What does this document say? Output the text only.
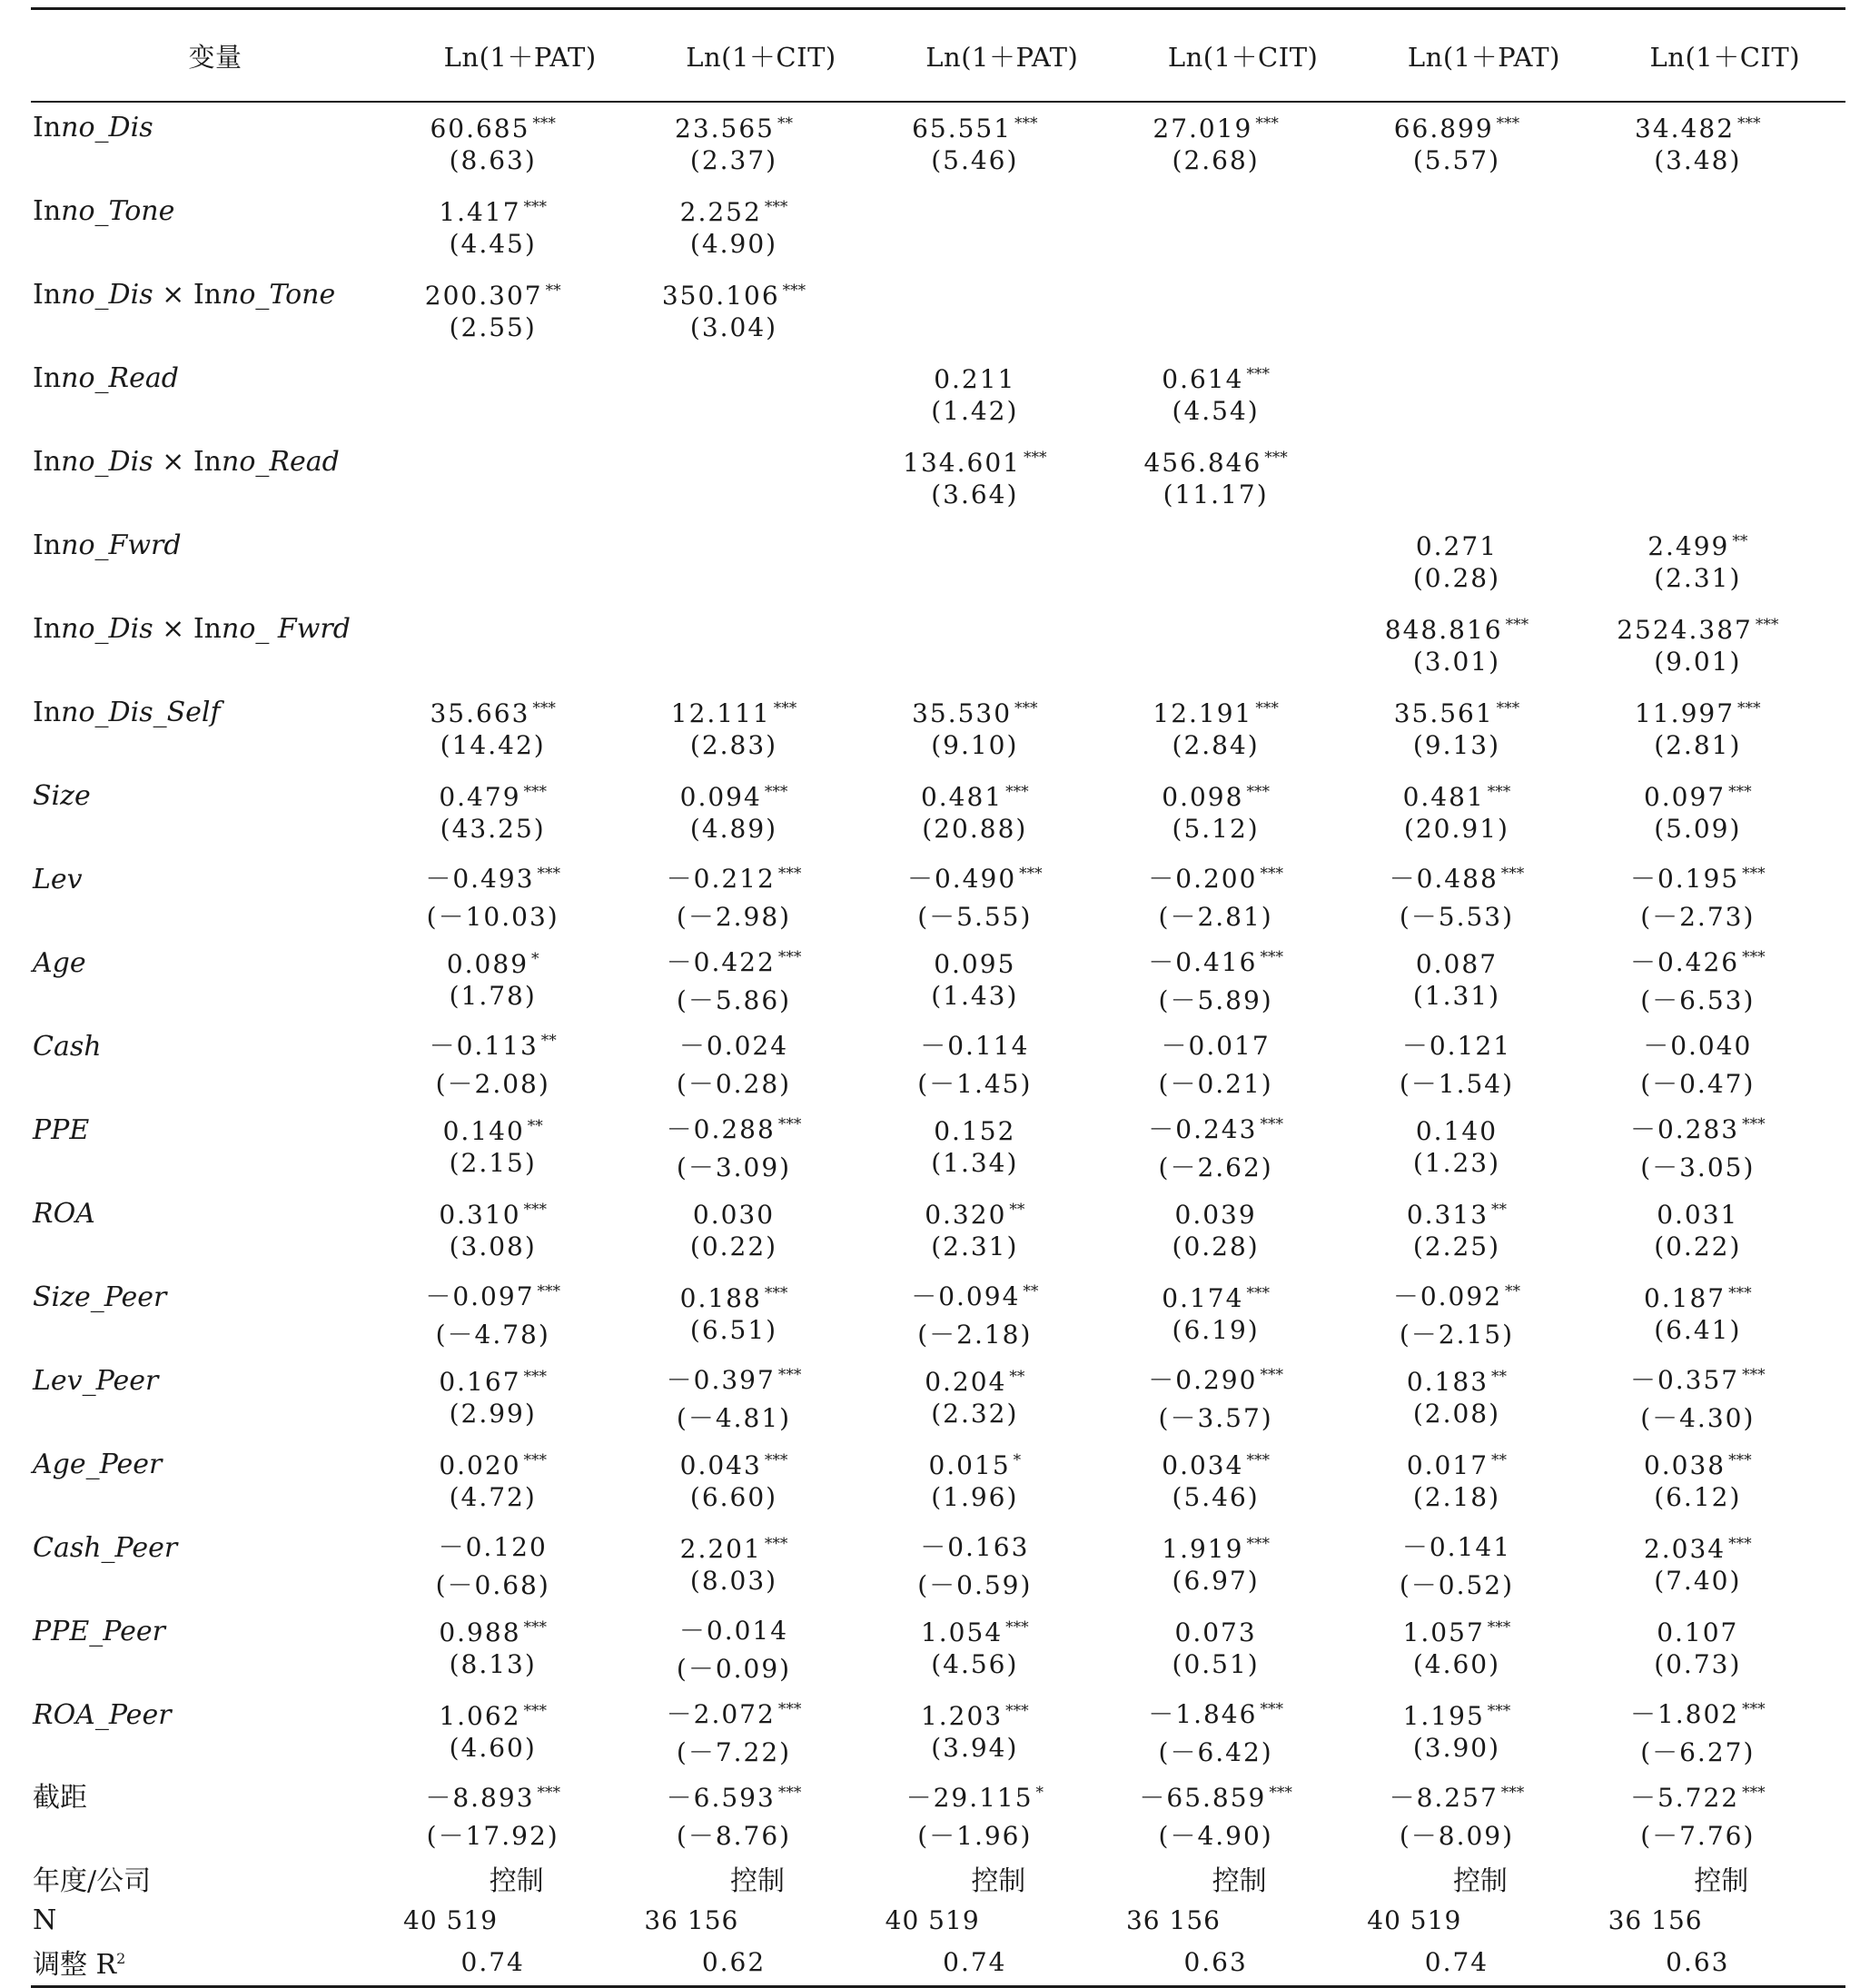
变量	Ln(1＋PAT)	Ln(1＋CIT)	Ln(1＋PAT)	Ln(1＋CIT)	Ln(1＋PAT)	Ln(1＋CIT)
Inno_Dis	60.685 ***	23.565 **	65.551 ***	27.019 ***	66.899 ***	34.482 ***
	(8.63)	(2.37)	(5.46)	(2.68)	(5.57)	(3.48)
Inno_Tone	1.417 ***	2.252 ***				
	(4.45)	(4.90)				
Inno_Dis × Inno_Tone	200.307 **	350.106 ***				
	(2.55)	(3.04)				
Inno_Read			0.211	0.614 ***		
			(1.42)	(4.54)		
Inno_Dis × Inno_Read			134.601 ***	456.846 ***		
			(3.64)	(11.17)		
Inno_Fwrd					0.271	2.499 **
					(0.28)	(2.31)
Inno_Dis × Inno_ Fwrd					848.816 ***	2524.387 ***
					(3.01)	(9.01)
Inno_Dis_Self	35.663 ***	12.111 ***	35.530 ***	12.191 ***	35.561 ***	11.997 ***
	(14.42)	(2.83)	(9.10)	(2.84)	(9.13)	(2.81)
Size	0.479 ***	0.094 ***	0.481 ***	0.098 ***	0.481 ***	0.097 ***
	(43.25)	(4.89)	(20.88)	(5.12)	(20.91)	(5.09)
Lev	－0.493 ***	－0.212 ***	－0.490 ***	－0.200 ***	－0.488 ***	－0.195 ***
	(－10.03)	(－2.98)	(－5.55)	(－2.81)	(－5.53)	(－2.73)
Age	0.089 *	－0.422 ***	0.095	－0.416 ***	0.087	－0.426 ***
	(1.78)	(－5.86)	(1.43)	(－5.89)	(1.31)	(－6.53)
Cash	－0.113 **	－0.024	－0.114	－0.017	－0.121	－0.040
	(－2.08)	(－0.28)	(－1.45)	(－0.21)	(－1.54)	(－0.47)
PPE	0.140 **	－0.288 ***	0.152	－0.243 ***	0.140	－0.283 ***
	(2.15)	(－3.09)	(1.34)	(－2.62)	(1.23)	(－3.05)
ROA	0.310 ***	0.030	0.320 **	0.039	0.313 **	0.031
	(3.08)	(0.22)	(2.31)	(0.28)	(2.25)	(0.22)
Size_Peer	－0.097 ***	0.188 ***	－0.094 **	0.174 ***	－0.092 **	0.187 ***
	(－4.78)	(6.51)	(－2.18)	(6.19)	(－2.15)	(6.41)
Lev_Peer	0.167 ***	－0.397 ***	0.204 **	－0.290 ***	0.183 **	－0.357 ***
	(2.99)	(－4.81)	(2.32)	(－3.57)	(2.08)	(－4.30)
Age_Peer	0.020 ***	0.043 ***	0.015 *	0.034 ***	0.017 **	0.038 ***
	(4.72)	(6.60)	(1.96)	(5.46)	(2.18)	(6.12)
Cash_Peer	－0.120	2.201 ***	－0.163	1.919 ***	－0.141	2.034 ***
	(－0.68)	(8.03)	(－0.59)	(6.97)	(－0.52)	(7.40)
PPE_Peer	0.988 ***	－0.014	1.054 ***	0.073	1.057 ***	0.107
	(8.13)	(－0.09)	(4.56)	(0.51)	(4.60)	(0.73)
ROA_Peer	1.062 ***	－2.072 ***	1.203 ***	－1.846 ***	1.195 ***	－1.802 ***
	(4.60)	(－7.22)	(3.94)	(－6.42)	(3.90)	(－6.27)
截距	－8.893 ***	－6.593 ***	－29.115 *	－65.859 ***	－8.257 ***	－5.722 ***
	(－17.92)	(－8.76)	(－1.96)	(－4.90)	(－8.09)	(－7.76)
年度/公司	控制	控制	控制	控制	控制	控制
N	40 519	36 156	40 519	36 156	40 519	36 156
调整 $R^2$	0.74	0.62	0.74	0.63	0.74	0.63
